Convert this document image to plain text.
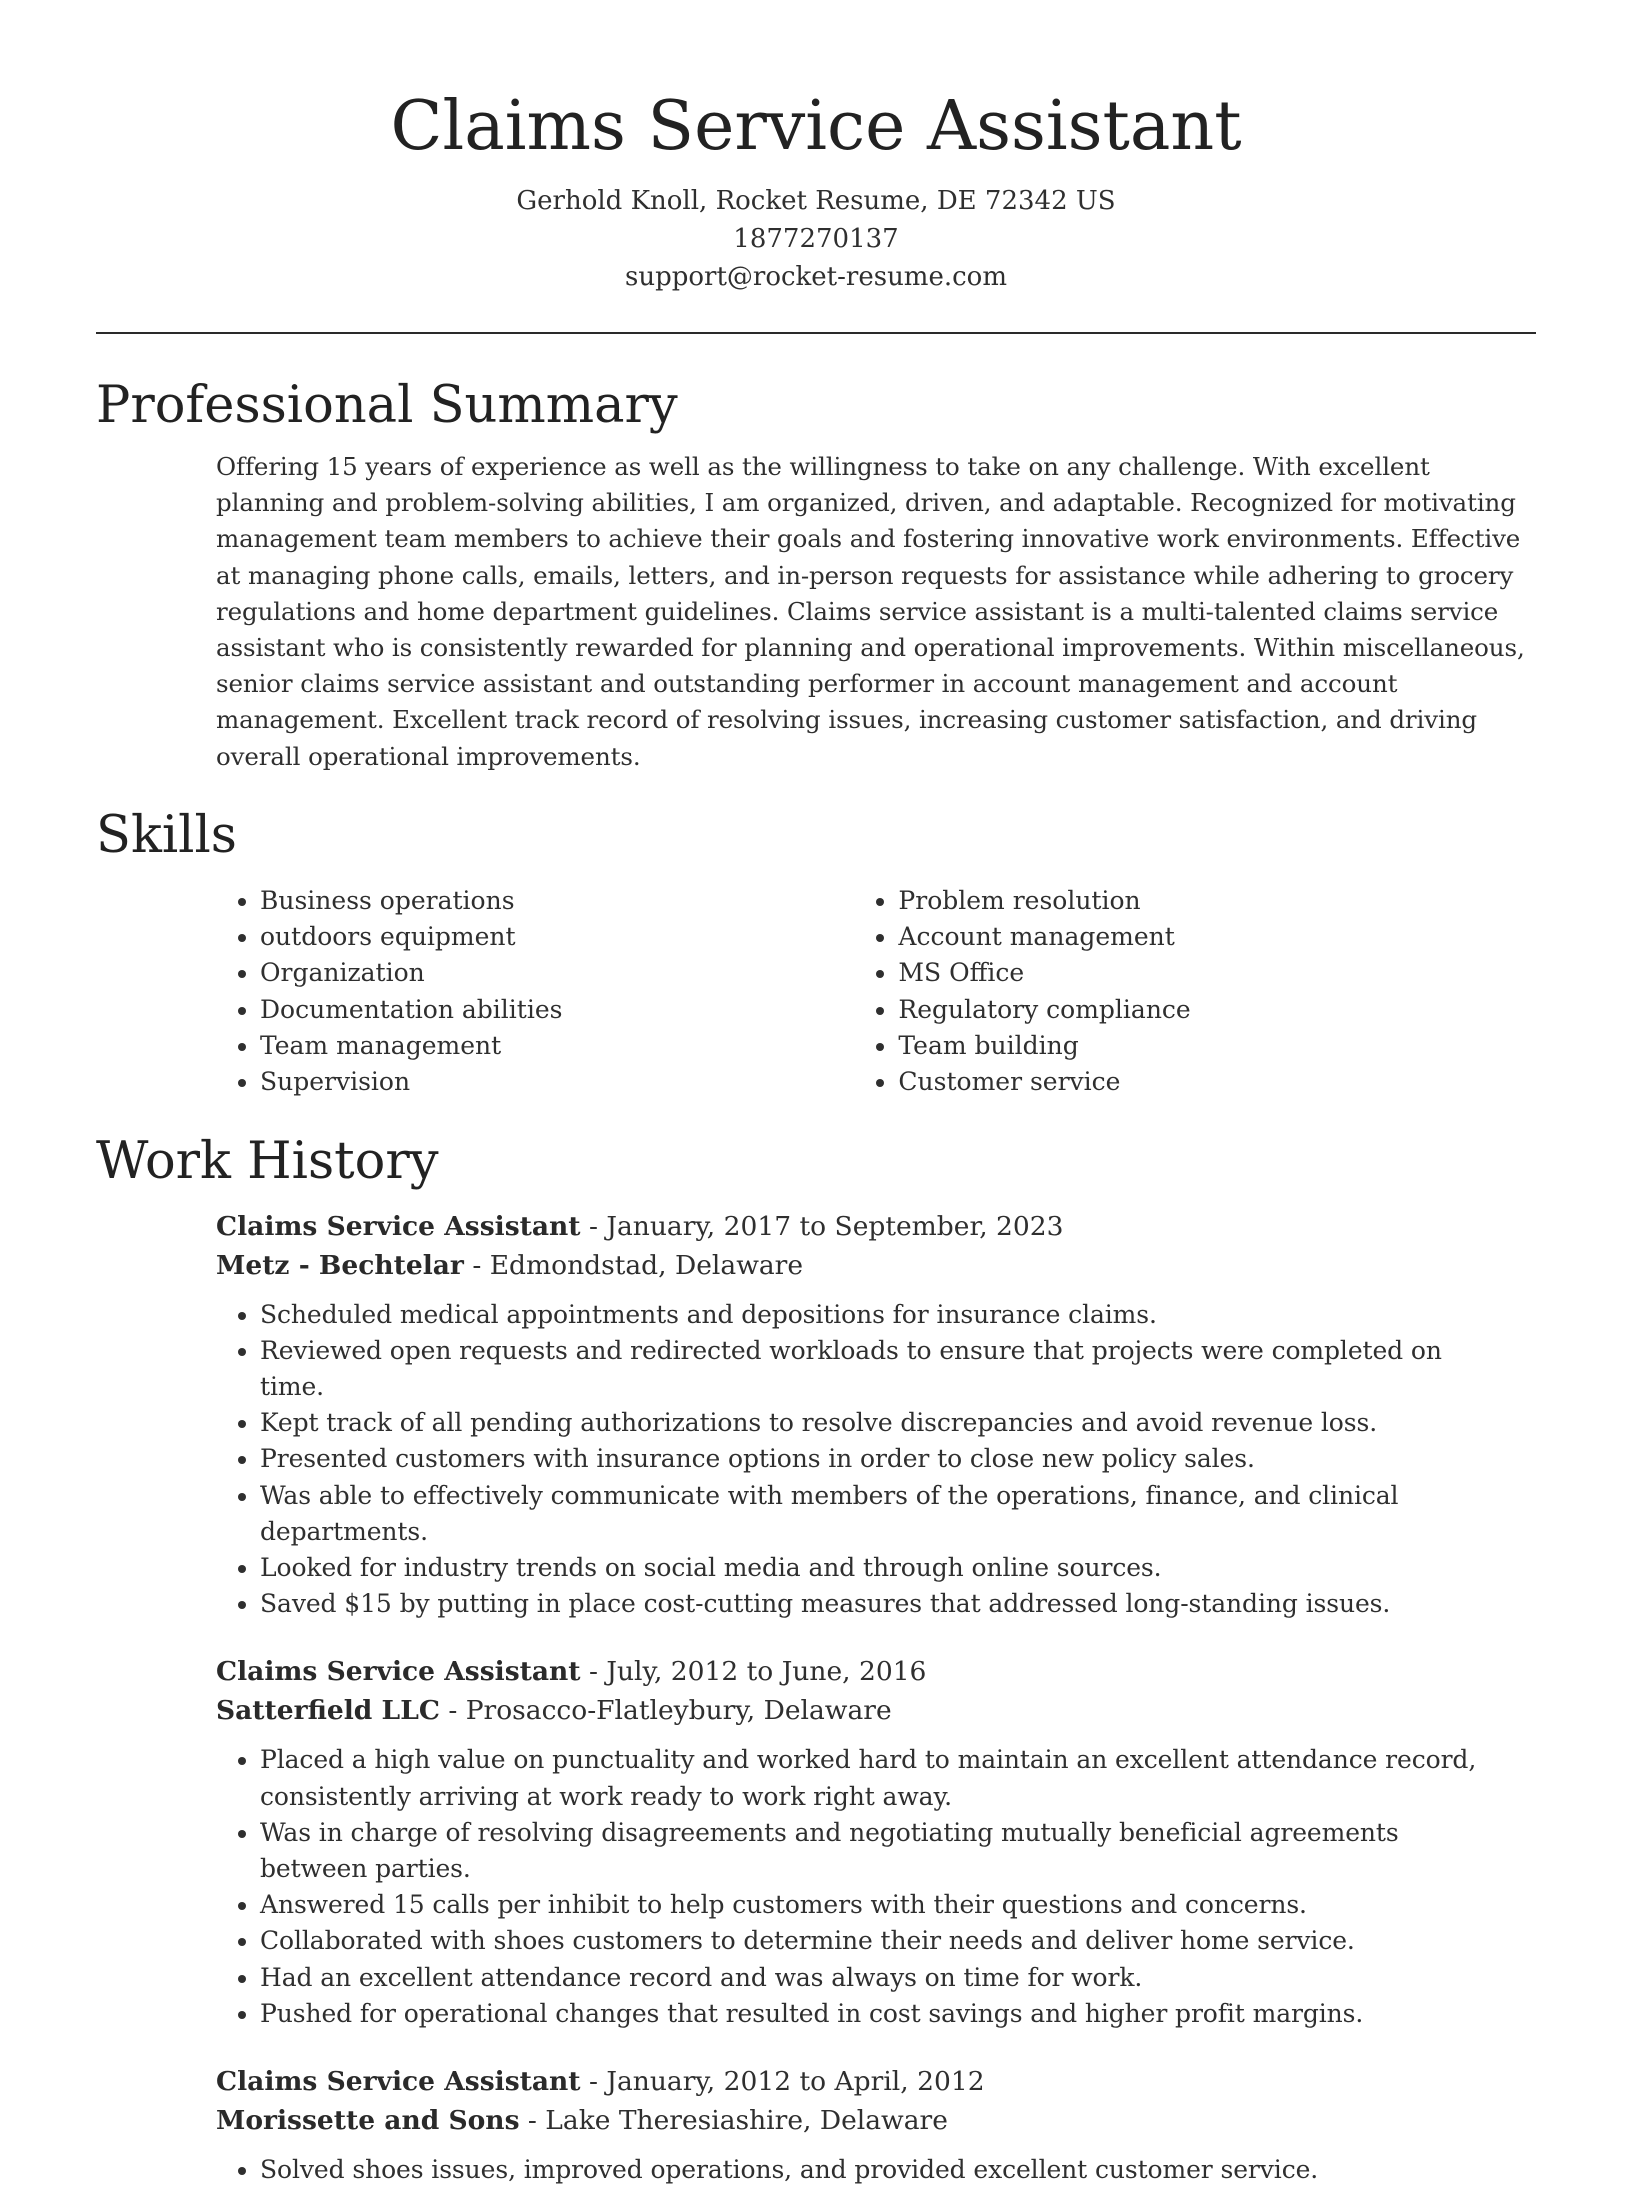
Claims Service Assistant
Gerhold Knoll, Rocket Resume, DE 72342 US
1877270137
support@rocket-resume.com
Professional Summary

Offering 15 years of experience as well as the willingness to take on any challenge. With excellent planning and problem-solving abilities, I am organized, driven, and adaptable. Recognized for motivating management team members to achieve their goals and fostering innovative work environments. Effective at managing phone calls, emails, letters, and in-person requests for assistance while adhering to grocery regulations and home department guidelines. Claims service assistant is a multi-talented claims service assistant who is consistently rewarded for planning and operational improvements. Within miscellaneous, senior claims service assistant and outstanding performer in account management and account management. Excellent track record of resolving issues, increasing customer satisfaction, and driving overall operational improvements.

Skills
• Business operations
• outdoors equipment
• Organization
• Documentation abilities
• Team management
• Supervision
• Problem resolution
• Account management
• MS Office
• Regulatory compliance
• Team building
• Customer service
Work History
Claims Service Assistant - January, 2017 to September, 2023
Metz - Bechtelar - Edmondstad, Delaware
• Scheduled medical appointments and depositions for insurance claims.
• Reviewed open requests and redirected workloads to ensure that projects were completed on time.
• Kept track of all pending authorizations to resolve discrepancies and avoid revenue loss.
• Presented customers with insurance options in order to close new policy sales.
• Was able to effectively communicate with members of the operations, finance, and clinical departments.
• Looked for industry trends on social media and through online sources.
• Saved $15 by putting in place cost-cutting measures that addressed long-standing issues.
Claims Service Assistant - July, 2012 to June, 2016
Satterfield LLC - Prosacco-Flatleybury, Delaware
• Placed a high value on punctuality and worked hard to maintain an excellent attendance record, consistently arriving at work ready to work right away.
• Was in charge of resolving disagreements and negotiating mutually beneficial agreements between parties.
• Answered 15 calls per inhibit to help customers with their questions and concerns.
• Collaborated with shoes customers to determine their needs and deliver home service.
• Had an excellent attendance record and was always on time for work.
• Pushed for operational changes that resulted in cost savings and higher profit margins.
Claims Service Assistant - January, 2012 to April, 2012
Morissette and Sons - Lake Theresiashire, Delaware
• Solved shoes issues, improved operations, and provided excellent customer service.
